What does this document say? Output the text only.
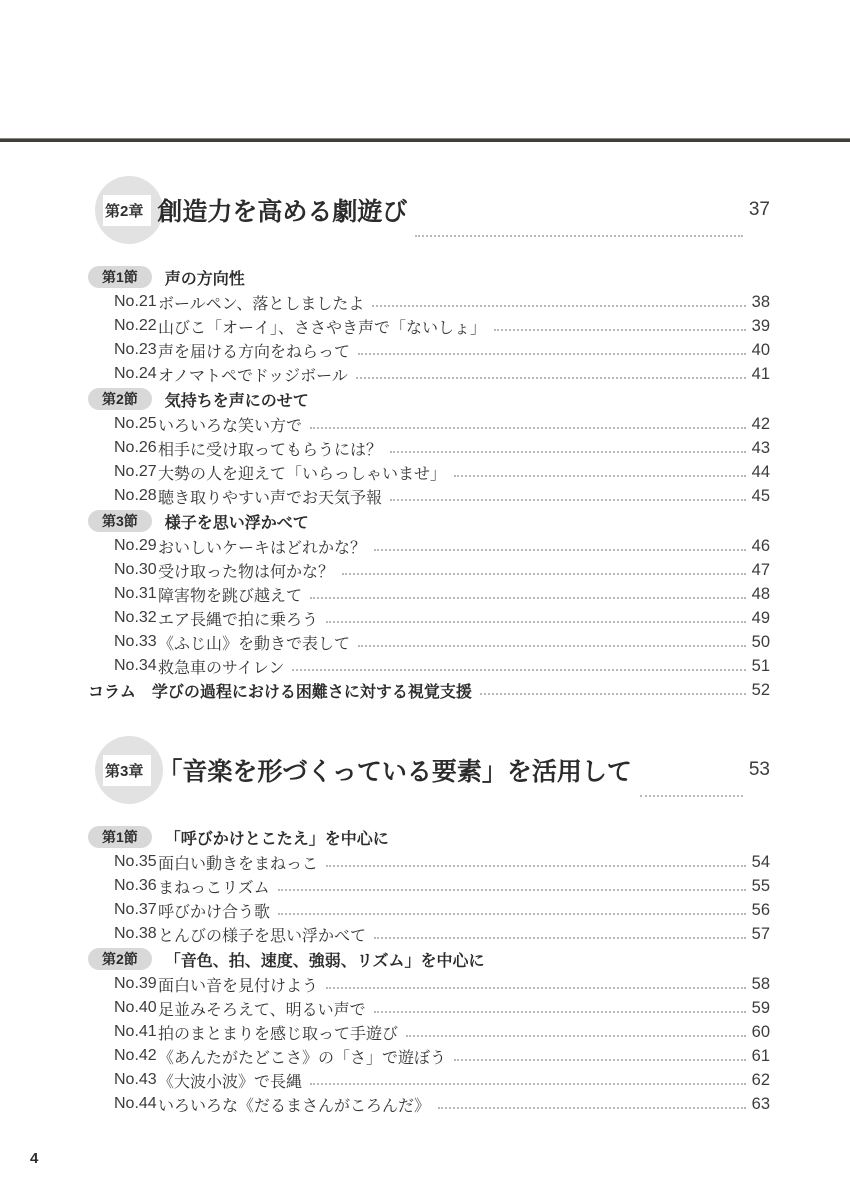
第2章 創造力を高める劇遊び	37
第1節	声の方向性
No.21 ボールペン、落としましたよ	38
No.22 山びこ「オーイ」、ささやき声で「ないしょ」	39
No.23 声を届ける方向をねらって	40
No.24 オノマトペでドッジボール	41
第2節	気持ちを声にのせて
No.25 いろいろな笑い方で	42
No.26 相手に受け取ってもらうには？	43
No.27 大勢の人を迎えて「いらっしゃいませ」	44
No.28 聴き取りやすい声でお天気予報	45
第3節	様子を思い浮かべて
No.29 おいしいケーキはどれかな？	46
No.30 受け取った物は何かな？	47
No.31 障害物を跳び越えて	48
No.32 エア長縄で拍に乗ろう	49
No.33 《ふじ山》を動きで表して	50
No.34 救急車のサイレン	51
コラム 学びの過程における困難さに対する視覚支援	52
第3章 「音楽を形づくっている要素」を活用して	53
第1節	「呼びかけとこたえ」を中心に
No.35 面白い動きをまねっこ	54
No.36 まねっこリズム	55
No.37 呼びかけ合う歌	56
No.38 とんびの様子を思い浮かべて	57
第2節	「音色、拍、速度、強弱、リズム」を中心に
No.39 面白い音を見付けよう	58
No.40 足並みそろえて、明るい声で	59
No.41 拍のまとまりを感じ取って手遊び	60
No.42 《あんたがたどこさ》の「さ」で遊ぼう	61
No.43 《大波小波》で長縄	62
No.44 いろいろな《だるまさんがころんだ》	63
4
